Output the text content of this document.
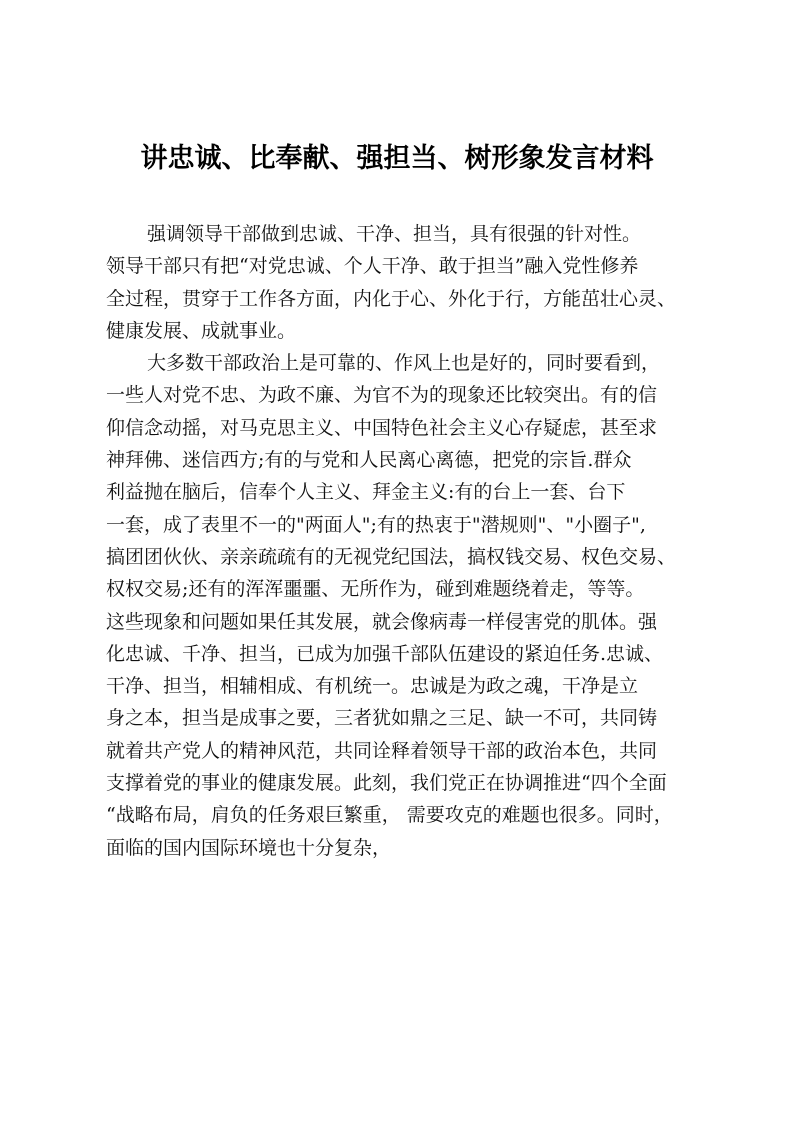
讲忠诚、比奉献、强担当、树形象发言材料
强调领导干部做到忠诚、干净、担当，具有很强的针对性。
领导干部只有把“对党忠诚、个人干净、敢于担当”融入党性修养
全过程，贯穿于工作各方面，内化于心、外化于行，方能茁壮心灵、
健康发展、成就事业。
大多数干部政治上是可靠的、作风上也是好的，同时要看到，
一些人对党不忠、为政不廉、为官不为的现象还比较突出。有的信
仰信念动摇，对马克思主义、中国特色社会主义心存疑虑，甚至求
神拜佛、迷信西方;有的与党和人民离心离德，把党的宗旨.群众
利益抛在脑后，信奉个人主义、拜金主义:有的台上一套、台下
一套，成了表里不一的"两面人";有的热衷于"潜规则"、"小圈子",
搞团团伙伙、亲亲疏疏有的无视党纪国法，搞权钱交易、权色交易、
权权交易;还有的浑浑噩噩、无所作为，碰到难题绕着走，等等。
这些现象和问题如果任其发展，就会像病毒一样侵害党的肌体。强
化忠诚、千净、担当，已成为加强千部队伍建设的紧迫任务.忠诚、
干净、担当，相辅相成、有机统一。忠诚是为政之魂，干净是立
身之本，担当是成事之要，三者犹如鼎之三足、缺一不可，共同铸
就着共产党人的精神风范，共同诠释着领导干部的政治本色，共同
支撑着党的事业的健康发展。此刻，我们党正在协调推进“四个全面
“战略布局，肩负的任务艰巨繁重， 需要攻克的难题也很多。同时，
面临的国内国际环境也十分复杂，
